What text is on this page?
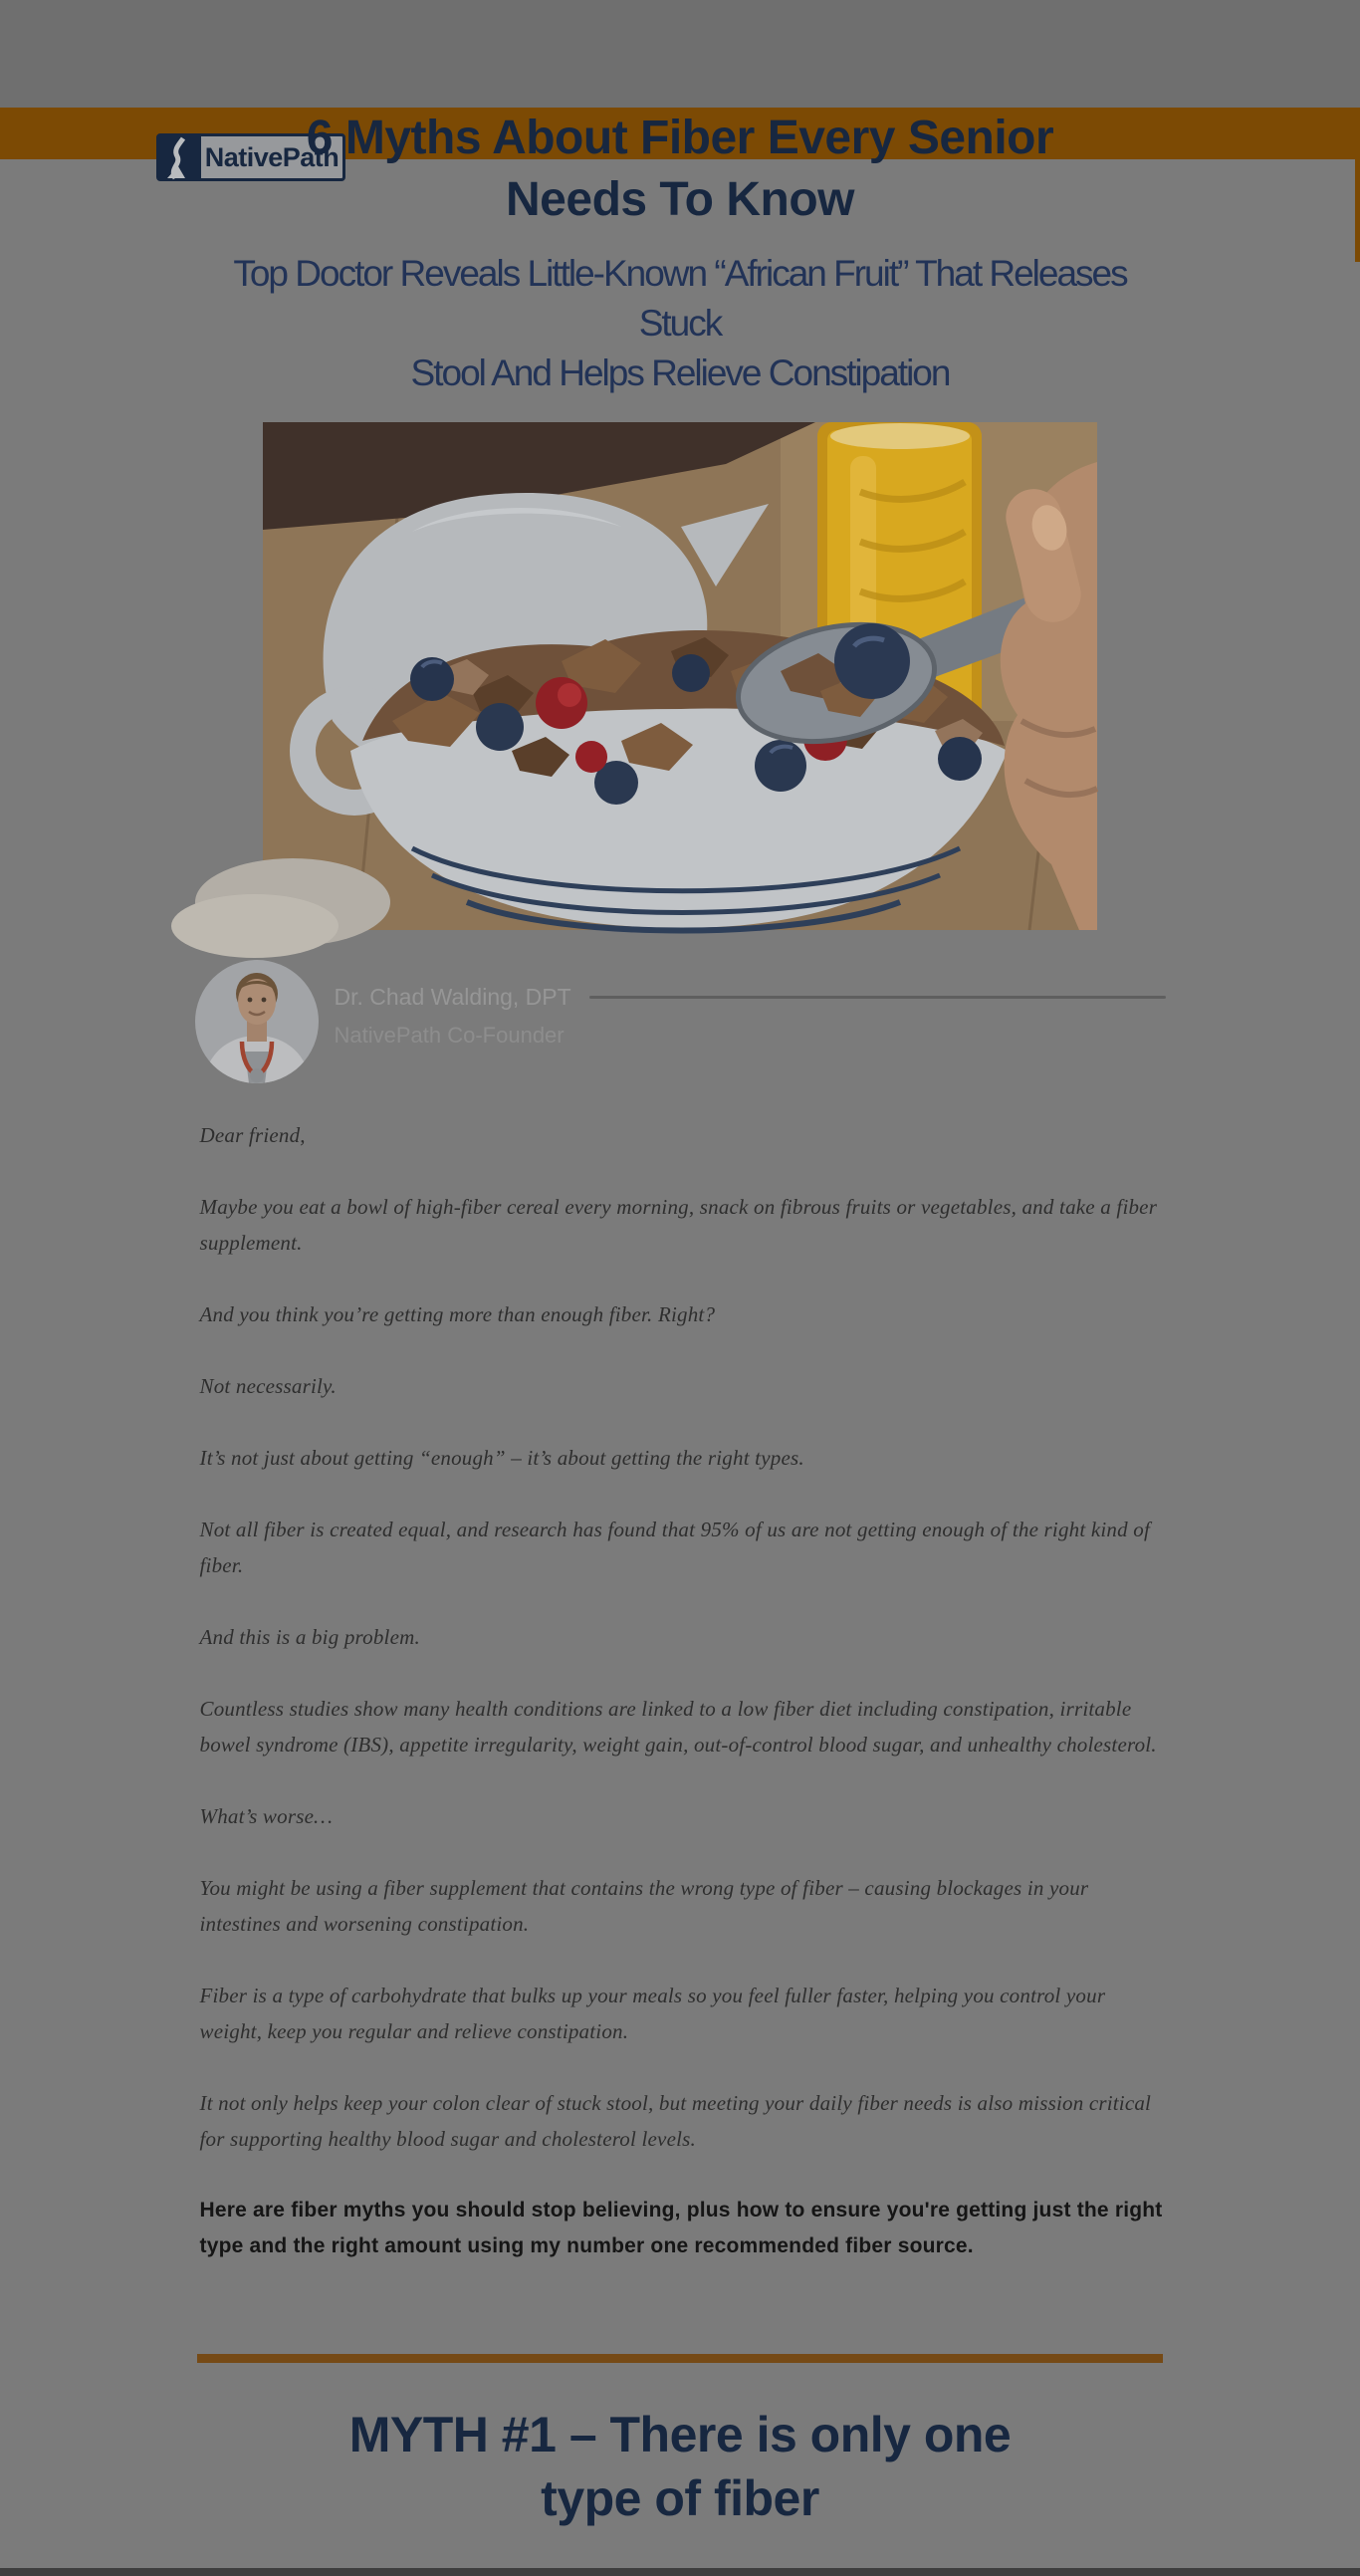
NativePath
6 Myths About Fiber Every Senior
Needs To Know
Top Doctor Reveals Little-Known “African Fruit” That Releases Stuck
Stool And Helps Relieve Constipation
Dr. Chad Walding, DPT
NativePath Co-Founder

Dear friend,

Maybe you eat a bowl of high-fiber cereal every morning, snack on fibrous fruits or vegetables, and take a fiber supplement.

And you think you’re getting more than enough fiber. Right?

Not necessarily.

It’s not just about getting “enough” – it’s about getting the right types.

Not all fiber is created equal, and research has found that 95% of us are not getting enough of the right kind of fiber.

And this is a big problem.

Countless studies show many health conditions are linked to a low fiber diet including constipation, irritable bowel syndrome (IBS), appetite irregularity, weight gain, out-of-control blood sugar, and unhealthy cholesterol.

What’s worse…

You might be using a fiber supplement that contains the wrong type of fiber – causing blockages in your intestines and worsening constipation.

Fiber is a type of carbohydrate that bulks up your meals so you feel fuller faster, helping you control your weight, keep you regular and relieve constipation.

It not only helps keep your colon clear of stuck stool, but meeting your daily fiber needs is also mission critical for supporting healthy blood sugar and cholesterol levels.

Here are fiber myths you should stop believing, plus how to ensure you're getting just the right type and the right amount using my number one recommended fiber source.

MYTH #1 – There is only one
type of fiber
